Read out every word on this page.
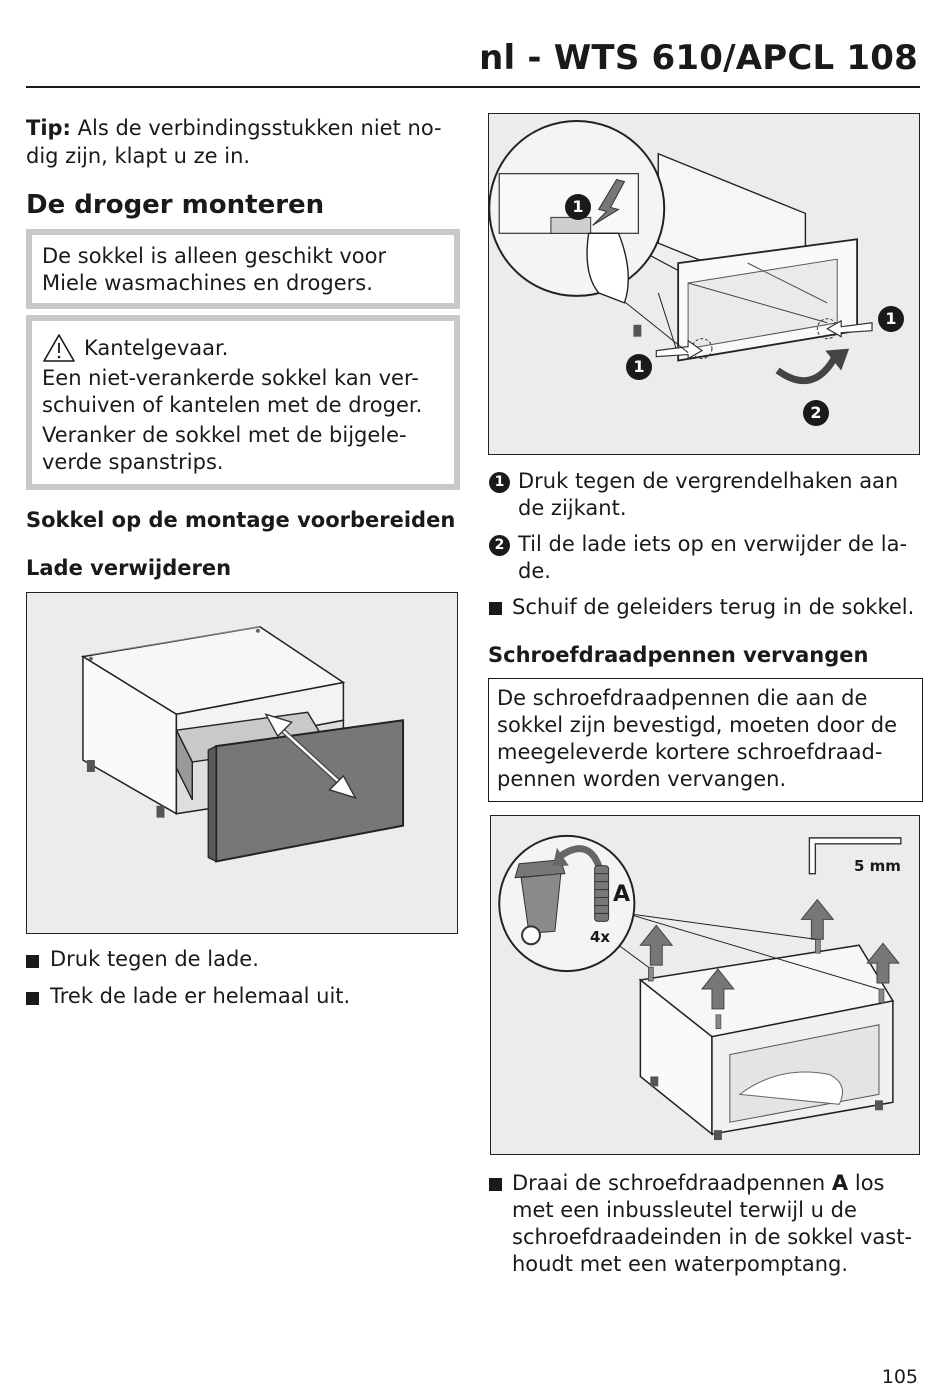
nl - WTS 610/APCL 108
Tip: Als de verbindingsstukken niet no-
dig zijn, klapt u ze in.
De droger monteren
De sokkel is alleen geschikt voor
Miele wasmachines en drogers.
Kantelgevaar.
Een niet-verankerde sokkel kan ver-
schuiven of kantelen met de droger.
Veranker de sokkel met de bijgele-
verde spanstrips.
Sokkel op de montage voorbereiden
Lade verwijderen
Druk tegen de lade.
Trek de lade er helemaal uit.
1
1
1
2
1 Druk tegen de vergrendelhaken aan
de zijkant.
2 Til de lade iets op en verwijder de la-
de.
Schuif de geleiders terug in de sokkel.
Schroefdraadpennen vervangen
De schroefdraadpennen die aan de
sokkel zijn bevestigd, moeten door de
meegeleverde kortere schroefdraad-
pennen worden vervangen.
A
4x
5 mm
Draai de schroefdraadpennen A los
met een inbussleutel terwijl u de
schroefdraadeinden in de sokkel vast-
houdt met een waterpomptang.
105
